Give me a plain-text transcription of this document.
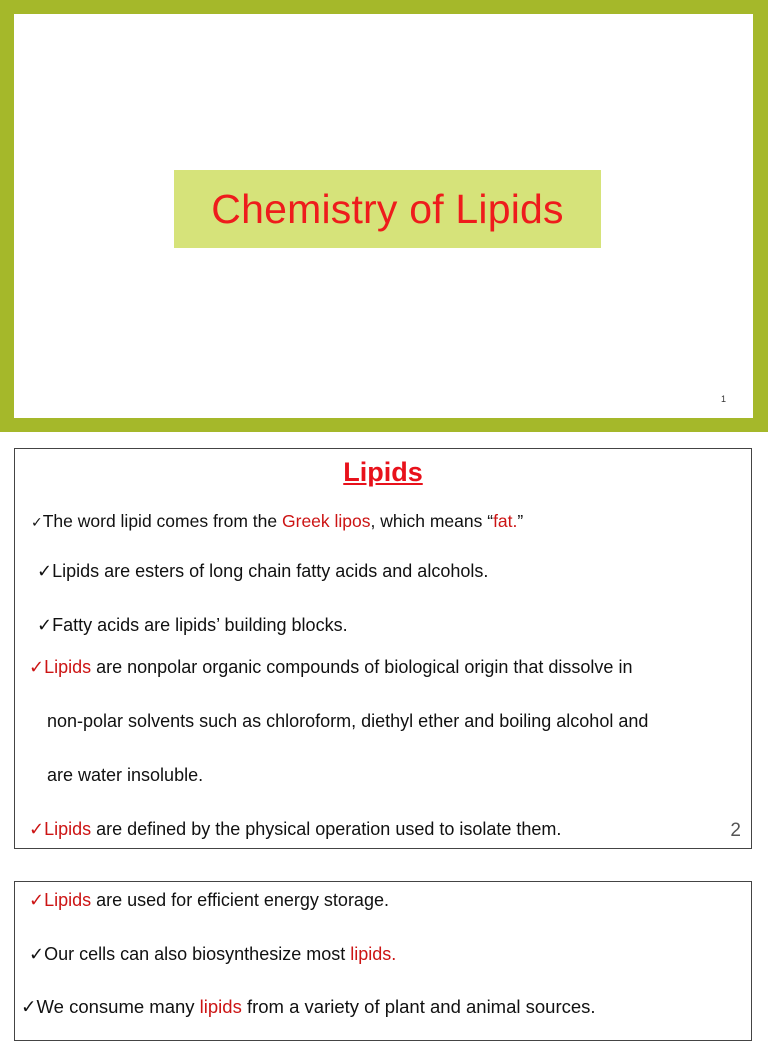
Chemistry of Lipids
1
Lipids
✓The word lipid comes from the Greek lipos, which means “fat.”
✓Lipids are esters of long chain fatty acids and alcohols.
✓Fatty acids are lipids’ building blocks.
✓Lipids are nonpolar organic compounds of biological origin that dissolve in
non-polar solvents such as chloroform, diethyl ether and boiling alcohol and
are water insoluble.
✓Lipids are defined by the physical operation used to isolate them.	2
✓Lipids are used for efficient energy storage.
✓Our cells can also biosynthesize most lipids.
✓We consume many lipids from a variety of plant and animal sources.
